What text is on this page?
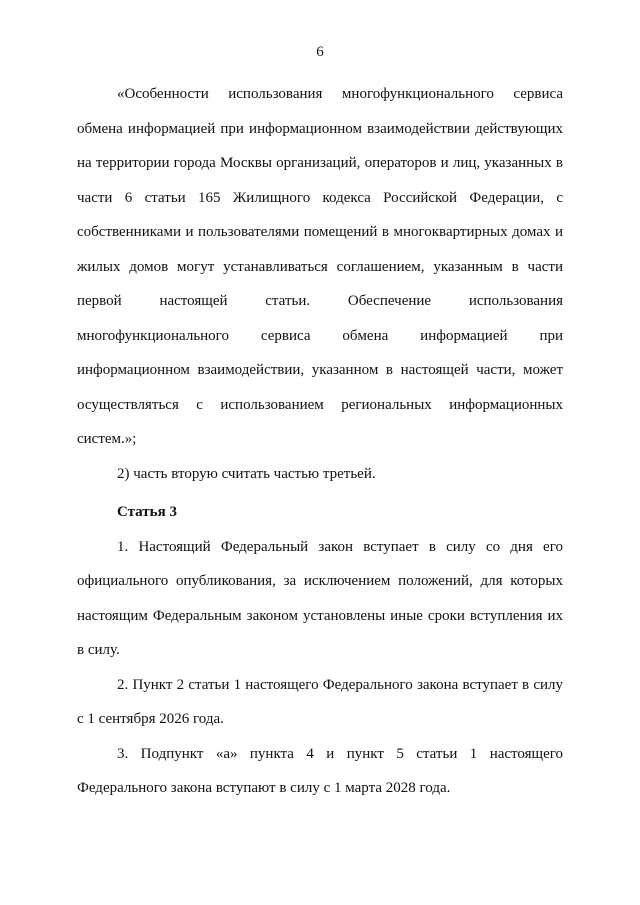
6

«Особенности использования многофункционального сервиса обмена информацией при информационном взаимодействии действующих на территории города Москвы организаций, операторов и лиц, указанных в части 6 статьи 165 Жилищного кодекса Российской Федерации, с собственниками и пользователями помещений в многоквартирных домах и жилых домов могут устанавливаться соглашением, указанным в части первой настоящей статьи. Обеспечение использования многофункционального сервиса обмена информацией при информационном взаимодействии, указанном в настоящей части, может осуществляться с использованием региональных информационных систем.»;

2) часть вторую считать частью третьей.

Статья 3

1. Настоящий Федеральный закон вступает в силу со дня его официального опубликования, за исключением положений, для которых настоящим Федеральным законом установлены иные сроки вступления их в силу.

2. Пункт 2 статьи 1 настоящего Федерального закона вступает в силу с 1 сентября 2026 года.

3. Подпункт «а» пункта 4 и пункт 5 статьи 1 настоящего Федерального закона вступают в силу с 1 марта 2028 года.
